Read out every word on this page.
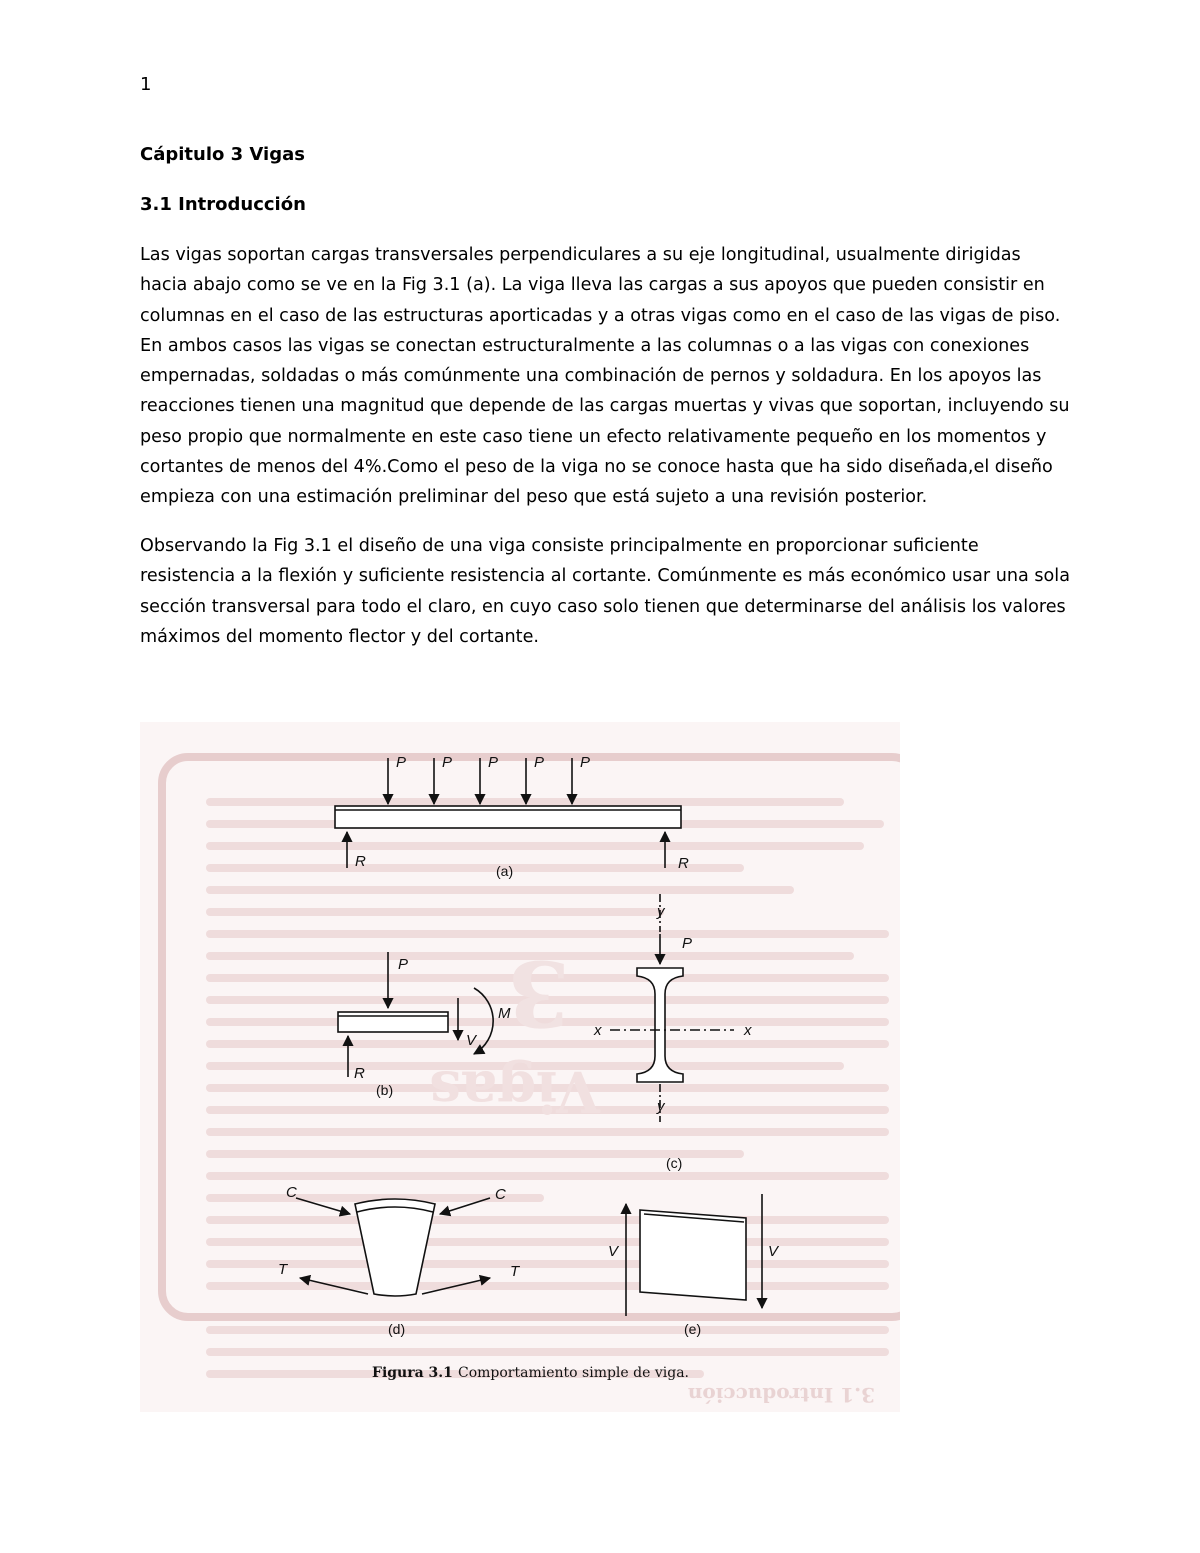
1
Cápitulo 3 Vigas
3.1 Introducción

Las vigas soportan cargas transversales perpendiculares a su eje longitudinal, usualmente dirigidas hacia abajo como se ve en la Fig 3.1 (a). La viga lleva las cargas a sus apoyos que pueden consistir en columnas en el caso de las estructuras aporticadas y a otras vigas como en el caso de las vigas de piso. En ambos casos las vigas se conectan estructuralmente a las columnas o a las vigas con conexiones empernadas, soldadas o más comúnmente una combinación de pernos y soldadura. En los apoyos las reacciones tienen una magnitud que depende de las cargas muertas y vivas que soportan, incluyendo su peso propio que normalmente en este caso tiene un efecto relativamente pequeño en los momentos y cortantes de menos del 4%.Como el peso de la viga no se conoce hasta que ha sido diseñada,el diseño empieza con una estimación preliminar del peso que está sujeto a una revisión posterior.

Observando la Fig 3.1 el diseño de una viga consiste principalmente en proporcionar suficiente resistencia a la flexión y suficiente resistencia al cortante. Comúnmente es más económico usar una sola sección transversal para todo el claro, en cuyo caso solo tienen que determinarse del análisis los valores máximos del momento flector y del cortante.

3
Vigas
3.1 Introducción
P P P P P
R	R
(a)
P
R
M
V
(b)
y
P
x	x
y
(c)
C	C
T	T
(d)
V	V
(e)
Figura 3.1 Comportamiento simple de viga.
